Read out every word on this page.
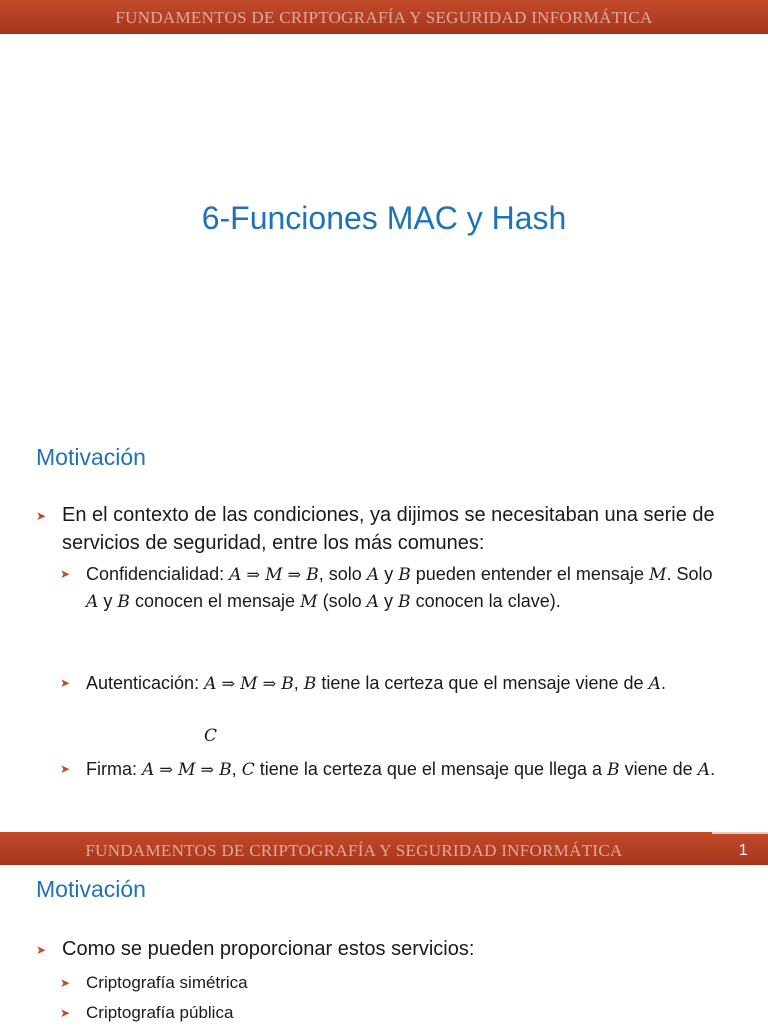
FUNDAMENTOS DE CRIPTOGRAFÍA Y SEGURIDAD INFORMÁTICA
6-Funciones MAC y Hash
Motivación
➤ En el contexto de las condiciones, ya dijimos se necesitaban una serie de servicios de seguridad, entre los más comunes:
➤ Confidencialidad: A ⇒ M ⇒ B, solo A y B pueden entender el mensaje M. Solo A y B conocen el mensaje M (solo A y B conocen la clave).
➤ Autenticación: A ⇒ M ⇒ B, B tiene la certeza que el mensaje viene de A.
C
➤ Firma: A ⇒ M ⇒ B, C tiene la certeza que el mensaje que llega a B viene de A.
FUNDAMENTOS DE CRIPTOGRAFÍA Y SEGURIDAD INFORMÁTICA	1
Motivación
➤ Como se pueden proporcionar estos servicios:
➤ Criptografía simétrica
➤ Criptografía pública
